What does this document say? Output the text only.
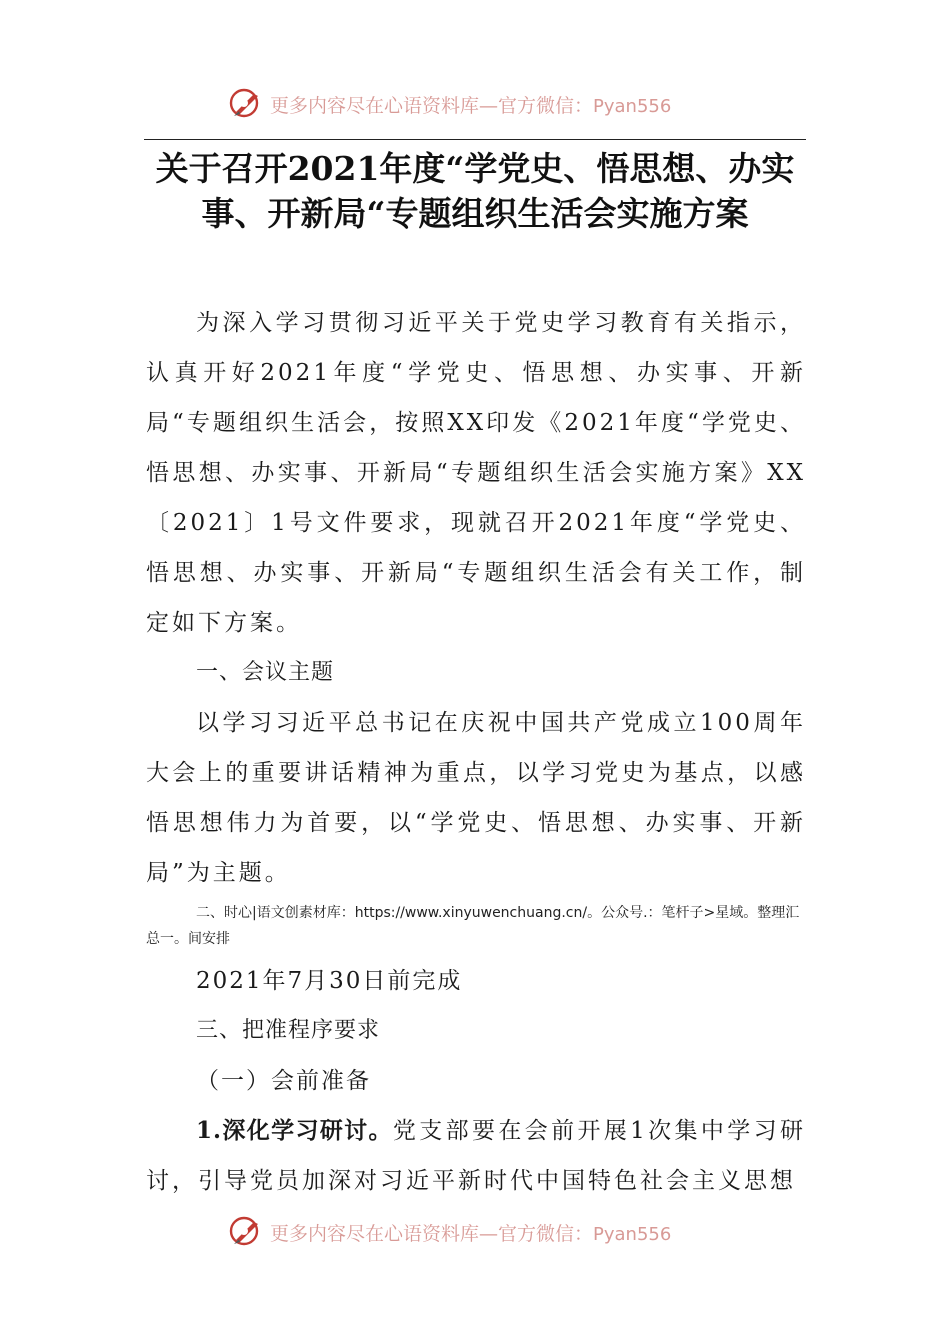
更多内容尽在心语资料库—官方微信：Pyan556
关于召开2021年度“学党史、悟思想、办实事、开新局“专题组织生活会实施方案

为深入学习贯彻习近平关于党史学习教育有关指示，认真开好2021年度“学党史、悟思想、办实事、开新局“专题组织生活会，按照XX印发《2021年度“学党史、悟思想、办实事、开新局“专题组织生活会实施方案》XX〔2021〕1号文件要求，现就召开2021年度“学党史、悟思想、办实事、开新局“专题组织生活会有关工作，制定如下方案。

一、会议主题

以学习习近平总书记在庆祝中国共产党成立100周年大会上的重要讲话精神为重点，以学习党史为基点，以感悟思想伟力为首要，以“学党史、悟思想、办实事、开新局”为主题。

二、时心|语文创素材库：https://www.xinyuwenchuang.cn/。公众号.：笔杆子>星域。整理汇总一。间安排

2021年7月30日前完成

三、把准程序要求

（一）会前准备

1.深化学习研讨。党支部要在会前开展1次集中学习研讨，引导党员加深对习近平新时代中国特色社会主义思想

更多内容尽在心语资料库—官方微信：Pyan556
